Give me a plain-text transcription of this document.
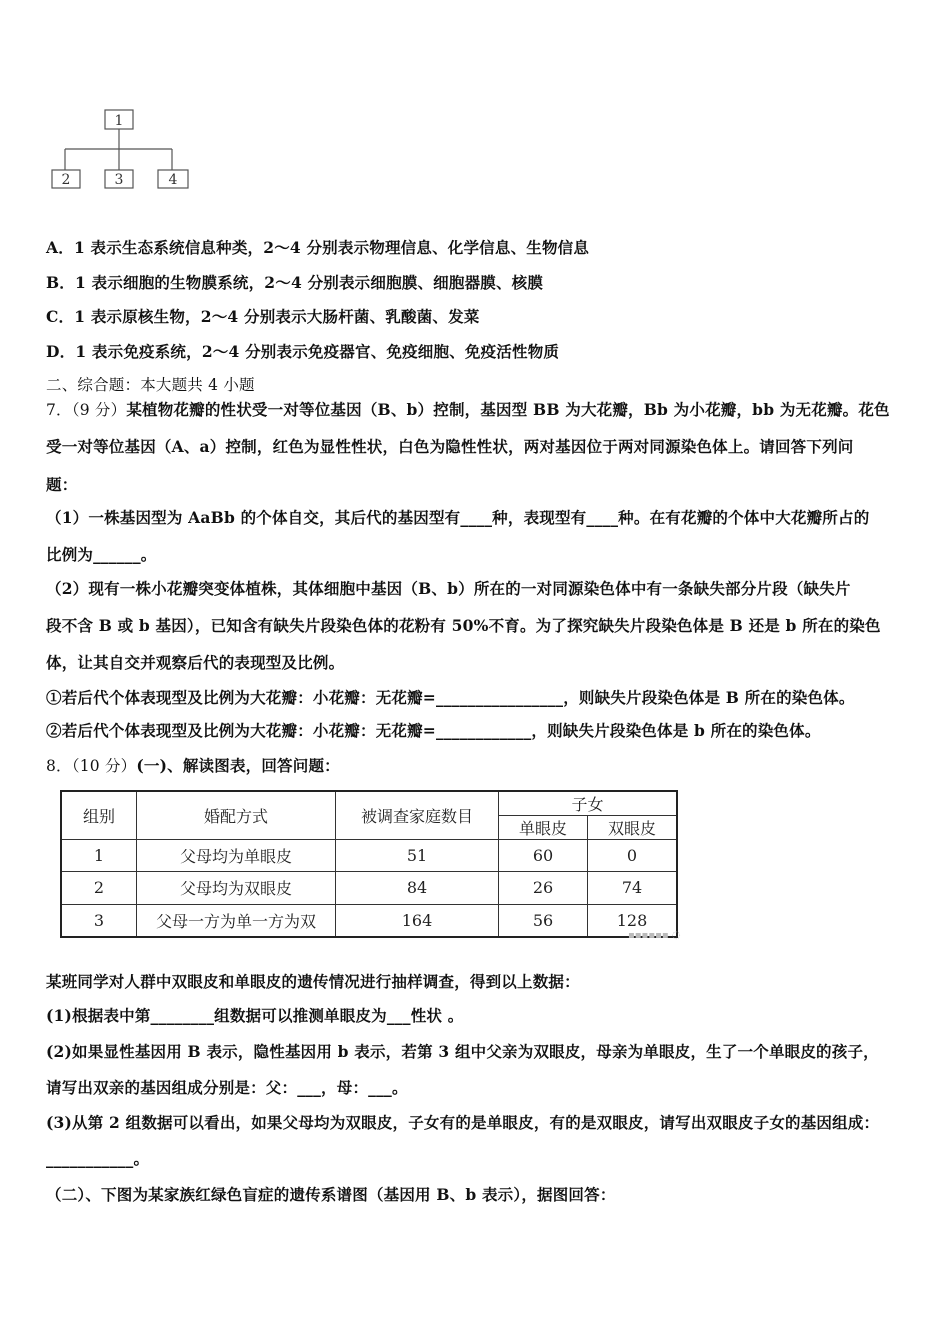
1
2	3	4
A．1 表示生态系统信息种类，2～4 分别表示物理信息、化学信息、生物信息
B．1 表示细胞的生物膜系统，2～4 分别表示细胞膜、细胞器膜、核膜
C．1 表示原核生物，2～4 分别表示大肠杆菌、乳酸菌、发菜
D．1 表示免疫系统，2～4 分别表示免疫器官、免疫细胞、免疫活性物质
二、综合题：本大题共 4 小题
7．（9 分）某植物花瓣的性状受一对等位基因（B、b）控制，基因型 BB 为大花瓣，Bb 为小花瓣，bb 为无花瓣。花色
受一对等位基因（A、a）控制，红色为显性性状，白色为隐性性状，两对基因位于两对同源染色体上。请回答下列问
题：
（1）一株基因型为 AaBb 的个体自交，其后代的基因型有____种，表现型有____种。在有花瓣的个体中大花瓣所占的
比例为______。
（2）现有一株小花瓣突变体植株，其体细胞中基因（B、b）所在的一对同源染色体中有一条缺失部分片段（缺失片
段不含 B 或 b 基因），已知含有缺失片段染色体的花粉有 50%不育。为了探究缺失片段染色体是 B 还是 b 所在的染色
体，让其自交并观察后代的表现型及比例。
①若后代个体表现型及比例为大花瓣：小花瓣：无花瓣=________________，则缺失片段染色体是 B 所在的染色体。
②若后代个体表现型及比例为大花瓣：小花瓣：无花瓣=____________，则缺失片段染色体是 b 所在的染色体。
8．（10 分）(一)、解读图表，回答问题：
组别	婚配方式	被调查家庭数目	子女	
			单眼皮	双眼皮
1	父母均为单眼皮	51	60	0
2	父母均为双眼皮	84	26	74
3	父母一方为单一方为双	164	56	128
▪▪▪▪▪▪ ◌
某班同学对人群中双眼皮和单眼皮的遗传情况进行抽样调查，得到以上数据：
(1)根据表中第________组数据可以推测单眼皮为___性状 。
(2)如果显性基因用 B 表示，隐性基因用 b 表示，若第 3 组中父亲为双眼皮，母亲为单眼皮，生了一个单眼皮的孩子，
请写出双亲的基因组成分别是：父：___，母：___。
(3)从第 2 组数据可以看出，如果父母均为双眼皮，子女有的是单眼皮，有的是双眼皮，请写出双眼皮子女的基因组成：
___________。
（二）、下图为某家族红绿色盲症的遗传系谱图（基因用 B、b 表示），据图回答：
